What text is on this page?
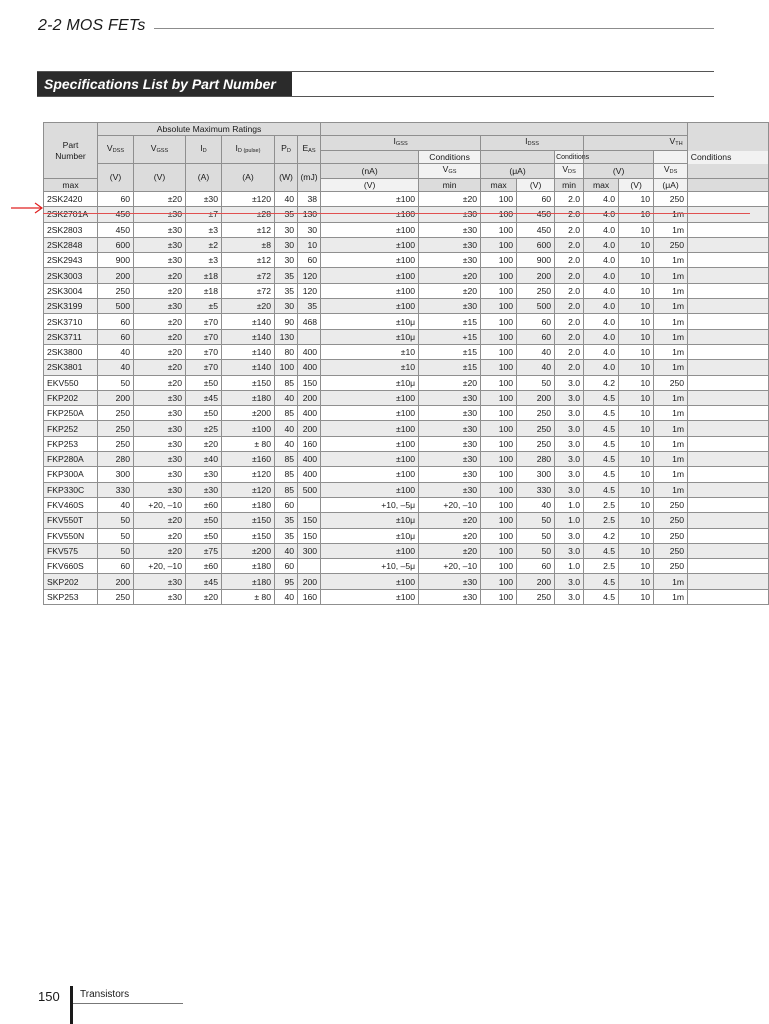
2-2 MOS FETs
Specifications List by Part Number
Part
Number	Absolute Maximum Ratings															
	VDSS	VGSS	ID	ID (pulse)	PD	EAS	IGSS		IDSS			VTH				
								Conditions			Conditions			Conditions		
	(V)	(V)	(A)	(A)	(W)	(mJ)	(nA)	VGS	(μA)		VDS	(V)		VDS	
max							(V)	min	max	(V)	min	max	(V)	(μA)		
2SK2420	60	±20	±30	±120	40	38	±100	±20	100	60	2.0	4.0	10	250		
2SK2701A	450	±30	±7	±28	35	130	±100	±30	100	450	2.0	4.0	10	1m		
2SK2803	450	±30	±3	±12	30	30	±100	±30	100	450	2.0	4.0	10	1m		
2SK2848	600	±30	±2	±8	30	10	±100	±30	100	600	2.0	4.0	10	250		
2SK2943	900	±30	±3	±12	30	60	±100	±30	100	900	2.0	4.0	10	1m		
2SK3003	200	±20	±18	±72	35	120	±100	±20	100	200	2.0	4.0	10	1m		
2SK3004	250	±20	±18	±72	35	120	±100	±20	100	250	2.0	4.0	10	1m		
2SK3199	500	±30	±5	±20	30	35	±100	±30	100	500	2.0	4.0	10	1m		
2SK3710	60	±20	±70	±140	90	468	±10μ	±15	100	60	2.0	4.0	10	1m		
2SK3711	60	±20	±70	±140	130		±10μ	+15	100	60	2.0	4.0	10	1m		
2SK3800	40	±20	±70	±140	80	400	±10	±15	100	40	2.0	4.0	10	1m		
2SK3801	40	±20	±70	±140	100	400	±10	±15	100	40	2.0	4.0	10	1m		
EKV550	50	±20	±50	±150	85	150	±10μ	±20	100	50	3.0	4.2	10	250		
FKP202	200	±30	±45	±180	40	200	±100	±30	100	200	3.0	4.5	10	1m		
FKP250A	250	±30	±50	±200	85	400	±100	±30	100	250	3.0	4.5	10	1m		
FKP252	250	±30	±25	±100	40	200	±100	±30	100	250	3.0	4.5	10	1m		
FKP253	250	±30	±20	± 80	40	160	±100	±30	100	250	3.0	4.5	10	1m		
FKP280A	280	±30	±40	±160	85	400	±100	±30	100	280	3.0	4.5	10	1m		
FKP300A	300	±30	±30	±120	85	400	±100	±30	100	300	3.0	4.5	10	1m		
FKP330C	330	±30	±30	±120	85	500	±100	±30	100	330	3.0	4.5	10	1m		
FKV460S	40	+20, –10	±60	±180	60		+10, –5μ	+20, –10	100	40	1.0	2.5	10	250		
FKV550T	50	±20	±50	±150	35	150	±10μ	±20	100	50	1.0	2.5	10	250		
FKV550N	50	±20	±50	±150	35	150	±10μ	±20	100	50	3.0	4.2	10	250		
FKV575	50	±20	±75	±200	40	300	±100	±20	100	50	3.0	4.5	10	250		
FKV660S	60	+20, –10	±60	±180	60		+10, –5μ	+20, –10	100	60	1.0	2.5	10	250		
SKP202	200	±30	±45	±180	95	200	±100	±30	100	200	3.0	4.5	10	1m		
SKP253	250	±30	±20	± 80	40	160	±100	±30	100	250	3.0	4.5	10	1m		
150 Transistors
